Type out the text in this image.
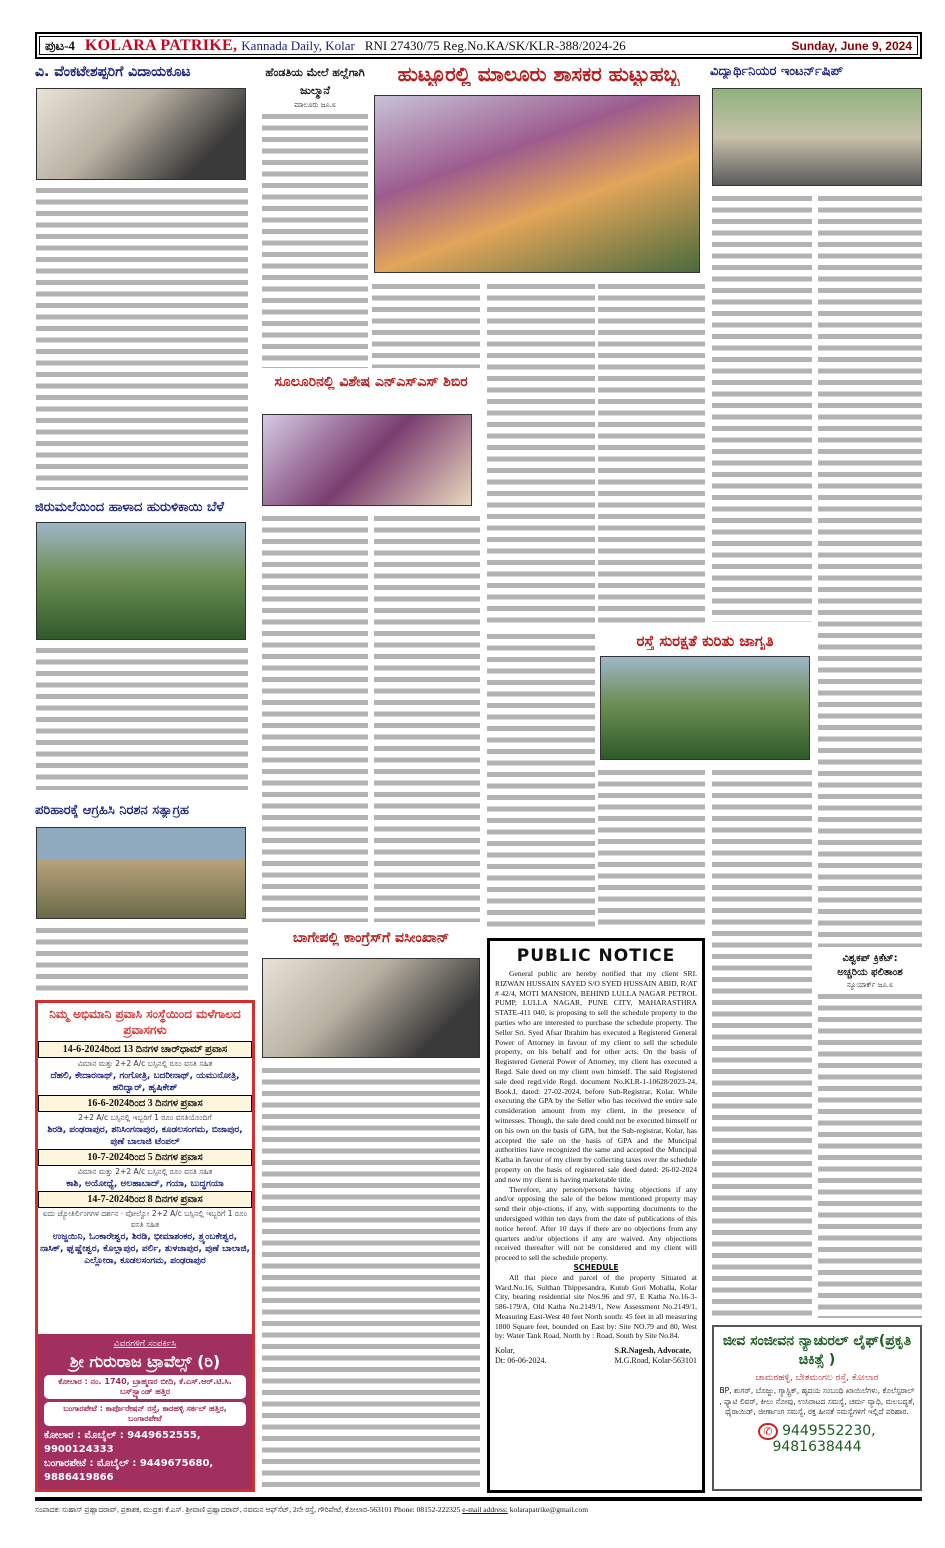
ಪುಟ-4 KOLARA PATRIKE, Kannada Daily, Kolar RNI 27430/75 Reg.No.KA/SK/KLR-388/2024-26	Sunday, June 9, 2024
ವಿ. ವೆಂಕಟೇಶಪ್ಪರಿಗೆ ವಿದಾಯಕೂಟ
ಜಿರುಮಲೆಯಿಂದ ಹಾಳಾದ ಹುರುಳಿಕಾಯಿ ಬೆಳೆ
ಪರಿಹಾರಕ್ಕೆ ಆಗ್ರಹಿಸಿ ನಿರಶನ ಸತ್ಯಾಗ್ರಹ
ನಿಮ್ಮ ಅಭಿಮಾನಿ ಪ್ರವಾಸಿ ಸಂಸ್ಥೆಯಿಂದ ಮಳೆಗಾಲದ ಪ್ರವಾಸಗಳು
14-6-2024ರಿಂದ 13 ದಿನಗಳ ಚಾರ್‌ಧಾಮ್ ಪ್ರವಾಸ
ವಿಮಾನ ಮತ್ತು 2+2 A/c ಬಸ್ಸಿನಲ್ಲಿ ರೂಂ ವಸತಿ ಸಹಿತ
ದೆಹಲಿ, ಕೇದಾರನಾಥ್, ಗಂಗೋತ್ರಿ, ಬದರೀನಾಥ್, ಯಮುನೋತ್ರಿ, ಹರಿದ್ವಾರ್, ಹೃಷಿಕೇಶ್
16-6-2024ರಿಂದ 3 ದಿನಗಳ ಪ್ರವಾಸ
2+2 A/c ಬಸ್ಸಿನಲ್ಲಿ ಇಬ್ಬರಿಗೆ 1 ರೂಂ ವಸತಿಯೊಂದಿಗೆ
ಶಿರಡಿ, ಪಂಢರಾಪುರ, ಶನಿಸಿಂಗನಾಪುರ, ಕೂಡಲಸಂಗಮ, ಬಿಜಾಪುರ, ಪುಣೆ ಬಾಲಾಜಿ ಟೆಂಪಲ್
10-7-2024ರಿಂದ 5 ದಿನಗಳ ಪ್ರವಾಸ
ವಿಮಾನ ಮತ್ತು 2+2 A/c ಬಸ್ಸಿನಲ್ಲಿ ರೂಂ ವಸತಿ ಸಹಿತ
ಕಾಶಿ, ಅಯೋಧ್ಯೆ, ಅಲಹಾಬಾದ್, ಗಯಾ, ಬುದ್ಧಗಯಾ
14-7-2024ರಿಂದ 8 ದಿನಗಳ ಪ್ರವಾಸ
ಐದು ಜ್ಯೋತಿರ್ಲಿಂಗಗಳ ದರ್ಶನ · ವೋಲ್ವೋ 2+2 A/c ಬಸ್ಸಿನಲ್ಲಿ ಇಬ್ಬರಿಗೆ 1 ರೂಂ ವಸತಿ ಸಹಿತ
ಉಜ್ಜಯಿನಿ, ಓಂಕಾರೇಶ್ವರ, ಶಿರಡಿ, ಭೀಮಾಶಂಕರ, ತ್ರ್ಯಂಬಕೇಶ್ವರ, ನಾಸಿಕ್, ಘೃಷ್ಣೇಶ್ವರ, ಕೊಲ್ಲಾಪುರ, ಪರ್ಲಿ, ತುಳಜಾಪುರ, ಪುಣೆ ಬಾಲಾಜಿ, ಎಲ್ಲೋರಾ, ಕೂಡಲಸಂಗಮ, ಪಂಢರಾಪುರ
ವಿವರಗಳಿಗೆ ಸಂಪರ್ಕಿಸಿ
ಶ್ರೀ ಗುರುರಾಜ ಟ್ರಾವೆಲ್ಸ್ (ರಿ)
ಕೋಲಾರ : ನಂ. 1740, ಬ್ರಾಹ್ಮಣರ ಬೀದಿ, ಕೆ.ಎಸ್.ಆರ್.ಟಿ.ಸಿ. ಬಸ್‌ಸ್ಟ್ಯಾಂಡ್ ಹತ್ತಿರ
ಬಂಗಾರಪೇಟೆ : ಕಾರ್ಪೊರೇಷನ್ ರಸ್ತೆ, ಕಾರಹಳ್ಳಿ ಸರ್ಕಲ್ ಹತ್ತಿರ, ಬಂಗಾರಪೇಟೆ
ಕೋಲಾರ : ಮೊಬೈಲ್ : 9449652555, 9900124333
ಬಂಗಾರಪೇಟೆ : ಮೊಬೈಲ್ : 9449675680, 9886419866
ಹೆಂಡತಿಯ ಮೇಲೆ ಹಲ್ಲೆಗಾಗಿ ಜುಲ್ಮಾನೆ
ಮಾಲೂರು ಜೂ.೮
ಹುಟ್ಟೂರಲ್ಲಿ ಮಾಲೂರು ಶಾಸಕರ ಹುಟ್ಟುಹಬ್ಬ
ಸೂಲೂರಿನಲ್ಲಿ ವಿಶೇಷ ಎನ್ಎಸ್ಎಸ್ ಶಿಬಿರ
ಬಾಗೇಪಲ್ಲಿ ಕಾಂಗ್ರೆಸ್‌ಗೆ ವಸೀಂಖಾನ್
ವಿದ್ಯಾರ್ಥಿನಿಯರ ಇಂಟರ್ನ್‌ಷಿಪ್
ರಸ್ತೆ ಸುರಕ್ಷತೆ ಕುರಿತು ಜಾಗೃತಿ
ವಿಶ್ವಕಪ್ ಕ್ರಿಕೆಟ್:
ಅಚ್ಚರಿಯ ಫಲಿತಾಂಶ
ನ್ಯೂಯಾರ್ಕ್ ಜೂ.೮
PUBLIC NOTICE

General public are hereby notified that my client SRI. RIZWAN HUSSAIN SAYED S/O SYED HUSSAIN ABID, R/AT # 42/4, MOTI MANSION, BEHIND LULLA NAGAR PETROL PUMP, LULLA NAGAR, PUNE CITY, MAHARASTHRA STATE-411 040, is proposing to sell the schedule property to the parties who are interested to purchase the schedule property. The Seller Sri. Syed Afsar Ibrahim has executed a Registered General Power of Attorney in favour of my client to sell the schedule property, on his behalf and for other acts. On the basis of Registered General Power of Attorney, my client has executed a Regd. Sale deed on my client own himself. The said Registered sale deed regd.vide Regd. document No.KLR-1-10628/2023-24, Book.I, dated: 27-02-2024, before Sub-Registrar, Kolar. While executing the GPA by the Seller who has received the entire sale consideration amount from my client, in the presence of witnesses. Though, the sale deed could not be executed himself or on his own on the basis of GPA, but the Sub-registrar, Kolar, has accepted the sale on the basis of GPA and the Muncipal authorities have recognized the same and accepted the Muncipal Katha in favour of my client by collecting taxes over the schedule property on the basis of registered sale deed dated: 26-02-2024 and now my client is having marketable title.

Therefore, any person/persons having objections if any and/or opposing the sale of the below mentioned property may send their obje-ctions, if any, with supporting documents to the undersigned within ten days from the date of publications of this notice hereof. After 10 days if there are no objections from any quarters and/or objections if any are waived. Any objections received thereafter will not be considered and my client will proceed to sell the schedule property.

SCHEDULE

All that piece and parcel of the property Situated at Ward.No.16, Sulthan Thippesandra, Kutub Gori Mohalla, Kolar City, bearing residential site Nos.96 and 97, E Katha No.16-3-586-179/A, Old Katha No.2149/1, New Assessment No.2149/1, Measuring East-West 40 feet North south: 45 feet in all measuring 1800 Square feet, bounded on East by: Site NO.79 and 80, West by: Water Tank Road, North by : Road, South by Site No.84.

Kolar,
Dt: 06-06-2024.
S.R.Nagesh, Advocate,
M.G.Road, Kolar-563101
ಜೀವ ಸಂಜೀವನ ನ್ಯಾಚುರಲ್ ಲೈಫ್(ಪ್ರಕೃತಿ ಚಿಕಿತ್ಸೆ )
ಚಾಮರಹಳ್ಳಿ, ಬೇತಮಂಗಲ ರಸ್ತೆ, ಕೋಲಾರ
BP, ಶುಗರ್, ಬೊಜ್ಜು, ಗ್ಯಾಸ್ಟ್ರಿಕ್, ಹೃದಯ ಸಂಬಂಧಿ ಖಾಯಿಲೆಗಳು, ಕೊಲೆಸ್ಟರಾಲ್ , ಫ್ಯಾಟಿ ಲಿವರ್, ಕೀಲು ನೋವು, ಉಸಿರಾಟದ ಸಮಸ್ಯೆ, ಚರ್ಮ ವ್ಯಾಧಿ, ಮಲಬದ್ಧತೆ, ಥೈರಾಯಿಡ್, ಜೀರ್ಣಾಂಗ ಸಮಸ್ಯೆ, ರಕ್ತ ಹೀನತೆ ಸಮಸ್ಯೆಗಳಿಗೆ ಇಲ್ಲಿದೆ ಪರಿಹಾರ.
✆ 9449552230, 9481638444
ಸಂಪಾದಕ: ಸುಹಾಸ್ ಪ್ರಹ್ಲಾದರಾವ್, ಪ್ರಕಾಶಕ, ಮುದ್ರಕ: ಕೆ.ಎಸ್. ಶ್ರೀವಾಣಿ ಪ್ರಹ್ಲಾದರಾವ್, ನವಮನ ಆಫ್‌ಸೆಟ್, 2ನೇ ರಸ್ತೆ, ಗೌರಿಪೇಟೆ, ಕೋಲಾರ-563101 Phone: 08152-222325 e-mail address: kolarapatrike@gmail.com
